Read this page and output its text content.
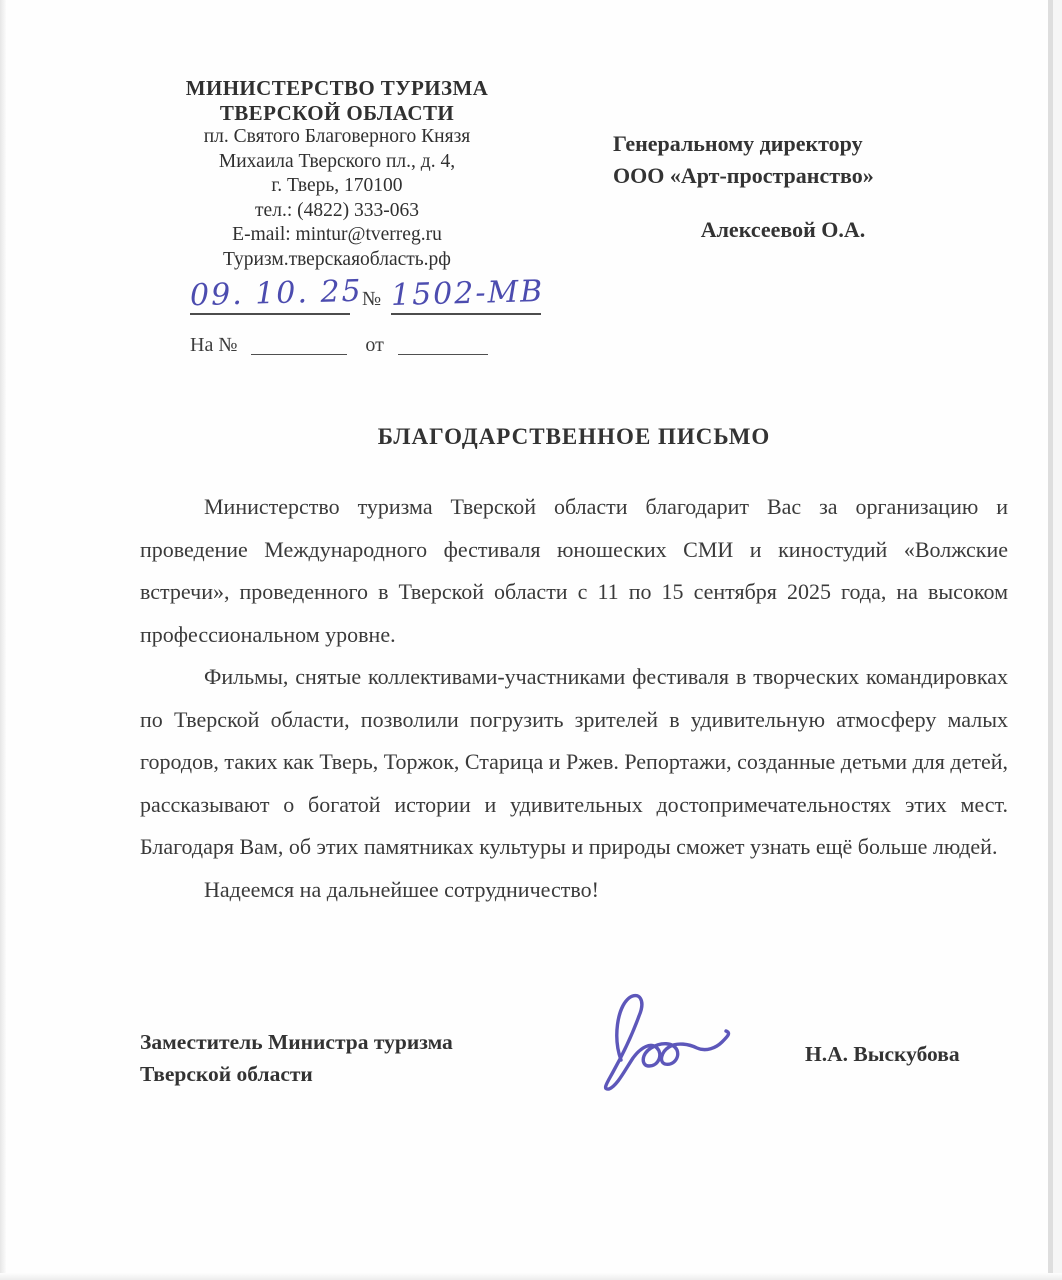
МИНИСТЕРСТВО ТУРИЗМА
ТВЕРСКОЙ ОБЛАСТИ
пл. Святого Благоверного Князя
Михаила Тверского пл., д. 4,
г. Тверь, 170100
тел.: (4822) 333-063
E-mail: mintur@tverreg.ru
Туризм.тверскаяобласть.рф
Генеральному директору
ООО «Арт-пространство»
Алексеевой О.А.
09. 10. 25
№ 1502-МВ
На №	от
БЛАГОДАРСТВЕННОЕ ПИСЬМО

Министерство туризма Тверской области благодарит Вас за организацию и проведение Международного фестиваля юношеских СМИ и киностудий «Волжские встречи», проведенного в Тверской области с 11 по 15 сентября 2025 года, на высоком профессиональном уровне.

Фильмы, снятые коллективами-участниками фестиваля в творческих командировках по Тверской области, позволили погрузить зрителей в удивительную атмосферу малых городов, таких как Тверь, Торжок, Старица и Ржев. Репортажи, созданные детьми для детей, рассказывают о богатой истории и удивительных достопримечательностях этих мест. Благодаря Вам, об этих памятниках культуры и природы сможет узнать ещё больше людей.

Надеемся на дальнейшее сотрудничество!

Заместитель Министра туризма
Тверской области
Н.А. Выскубова
